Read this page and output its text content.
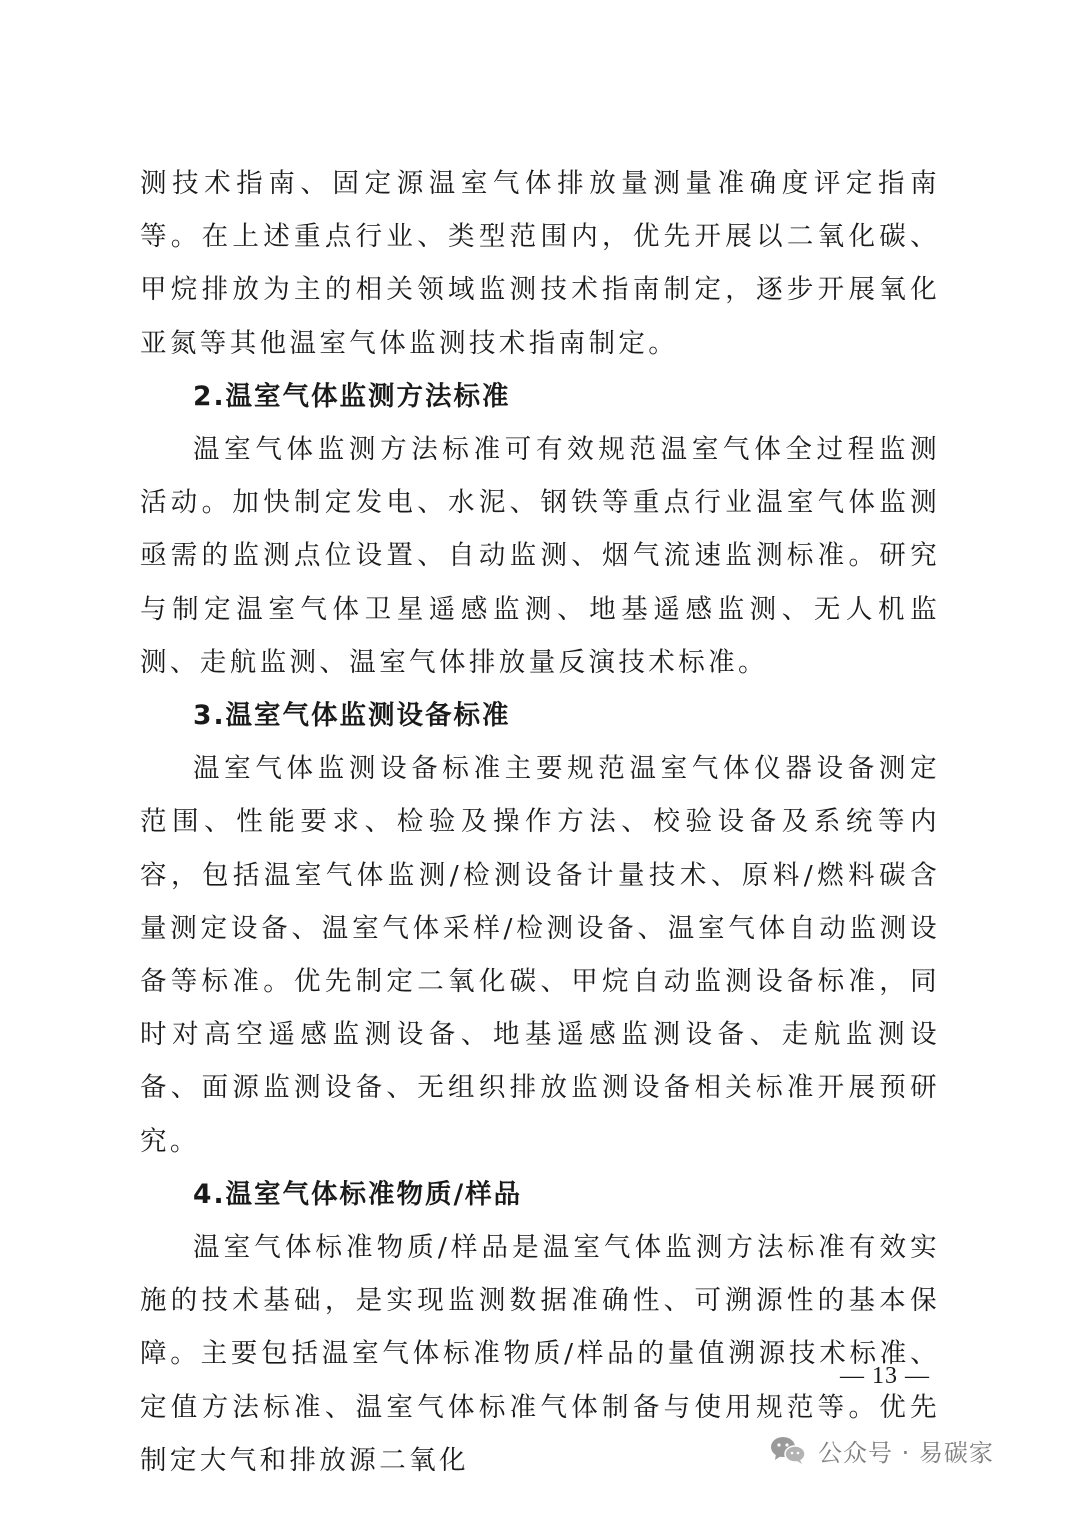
测技术指南、固定源温室气体排放量测量准确度评定指南等。在上述重点行业、类型范围内，优先开展以二氧化碳、甲烷排放为主的相关领域监测技术指南制定，逐步开展氧化亚氮等其他温室气体监测技术指南制定。

2.温室气体监测方法标准

温室气体监测方法标准可有效规范温室气体全过程监测活动。加快制定发电、水泥、钢铁等重点行业温室气体监测亟需的监测点位设置、自动监测、烟气流速监测标准。研究与制定温室气体卫星遥感监测、地基遥感监测、无人机监测、走航监测、温室气体排放量反演技术标准。

3.温室气体监测设备标准

温室气体监测设备标准主要规范温室气体仪器设备测定范围、性能要求、检验及操作方法、校验设备及系统等内容，包括温室气体监测/检测设备计量技术、原料/燃料碳含量测定设备、温室气体采样/检测设备、温室气体自动监测设备等标准。优先制定二氧化碳、甲烷自动监测设备标准，同时对高空遥感监测设备、地基遥感监测设备、走航监测设备、面源监测设备、无组织排放监测设备相关标准开展预研究。

4.温室气体标准物质/样品

温室气体标准物质/样品是温室气体监测方法标准有效实施的技术基础，是实现监测数据准确性、可溯源性的基本保障。主要包括温室气体标准物质/样品的量值溯源技术标准、定值方法标准、温室气体标准气体制备与使用规范等。优先制定大气和排放源二氧化

— 13 —
公众号 · 易碳家
